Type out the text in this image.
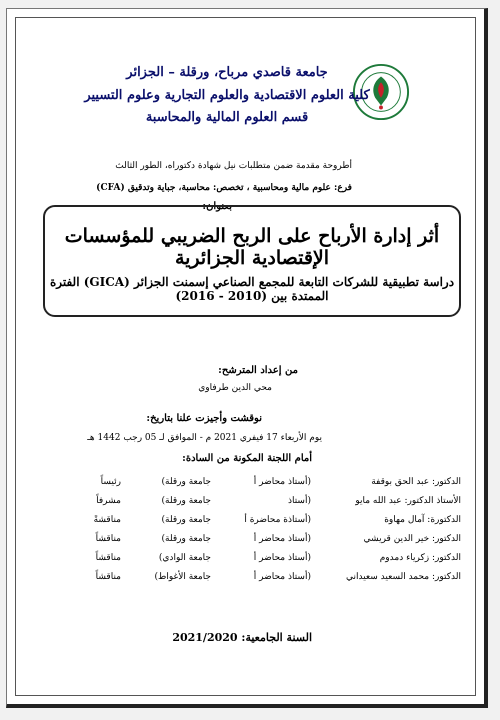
جامعة قاصدي مرباح، ورقلة – الجزائر
كلية العلوم الاقتصادية والعلوم التجارية وعلوم التسيير
قسم العلوم المالية والمحاسبة
أطروحة مقدمة ضمن متطلبات نيل شهادة دكتوراه، الطور الثالث
فرع: علوم مالية ومحاسبية ، تخصص: محاسبة، جباية وتدقيق (CFA)
بعنوان:
أثر إدارة الأرباح على الربح الضريبي للمؤسسات الإقتصادية الجزائرية
دراسة تطبيقية للشركات التابعة للمجمع الصناعي إسمنت الجزائر (GICA) الفترة الممتدة بين (2010 - 2016)
من إعداد المترشح:
محي الدين طرفاوي
نوقشت وأجيزت علنا بتاريخ:
يوم الأربعاء 17 فيفري 2021 م - الموافق لـ 05 رجب 1442 هـ
أمام اللجنة المكونة من السادة:
الدكتور: عبد الحق بوقفة
(أستاذ محاضر أ
جامعة ورقلة)
رئيساً
الأستاذ الدكتور: عبد الله مايو
(أستاذ
جامعة ورقلة)
مشرفاً
الدكتورة: آمال مهاوة
(أستاذة محاضرة أ
جامعة ورقلة)
مناقشةً
الدكتور: خير الدين قريشي
(أستاذ محاضر أ
جامعة ورقلة)
مناقشاً
الدكتور: زكرياء دمدوم
(أستاذ محاضر أ
جامعة الوادي)
مناقشاً
الدكتور: محمد السعيد سعيداني
(أستاذ محاضر أ
جامعة الأغواط)
مناقشاً
السنة الجامعية: 2021/2020
